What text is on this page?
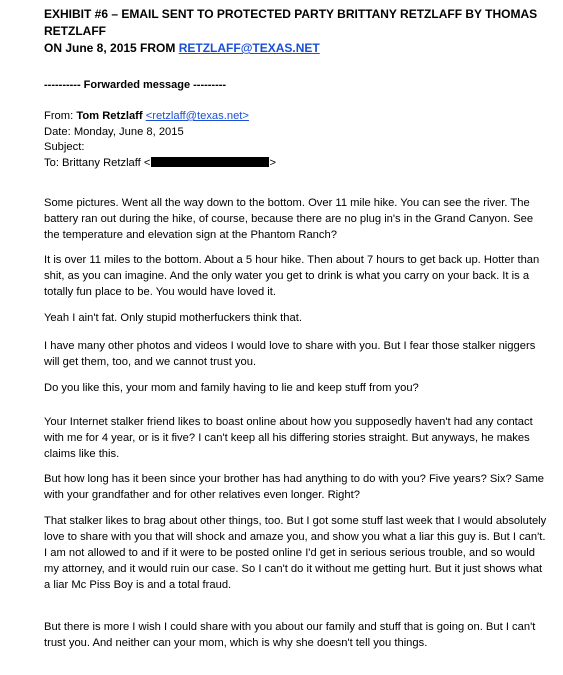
EXHIBIT #6 – EMAIL SENT TO PROTECTED PARTY BRITTANY RETZLAFF BY THOMAS RETZLAFF
ON June 8, 2015 FROM RETZLAFF@TEXAS.NET
---------- Forwarded message ---------
From: Tom Retzlaff <retzlaff@texas.net>
Date: Monday, June 8, 2015
Subject:
To: Brittany Retzlaff <	>

Some pictures. Went all the way down to the bottom. Over 11 mile hike. You can see the river. The battery ran out during the hike, of course, because there are no plug in's in the Grand Canyon. See the temperature and elevation sign at the Phantom Ranch?

It is over 11 miles to the bottom. About a 5 hour hike. Then about 7 hours to get back up. Hotter than shit, as you can imagine. And the only water you get to drink is what you carry on your back. It is a totally fun place to be. You would have loved it.

Yeah I ain't fat. Only stupid motherfuckers think that.

I have many other photos and videos I would love to share with you. But I fear those stalker niggers will get them, too, and we cannot trust you.

Do you like this, your mom and family having to lie and keep stuff from you?

Your Internet stalker friend likes to boast online about how you supposedly haven't had any contact with me for 4 year, or is it five? I can't keep all his differing stories straight. But anyways, he makes claims like this.

But how long has it been since your brother has had anything to do with you? Five years? Six? Same with your grandfather and for other relatives even longer. Right?

That stalker likes to brag about other things, too. But I got some stuff last week that I would absolutely love to share with you that will shock and amaze you, and show you what a liar this guy is. But I can't. I am not allowed to and if it were to be posted online I'd get in serious serious trouble, and so would my attorney, and it would ruin our case. So I can't do it without me getting hurt. But it just shows what a liar Mc Piss Boy is and a total fraud.

But there is more I wish I could share with you about our family and stuff that is going on. But I can't trust you. And neither can your mom, which is why she doesn't tell you things.
